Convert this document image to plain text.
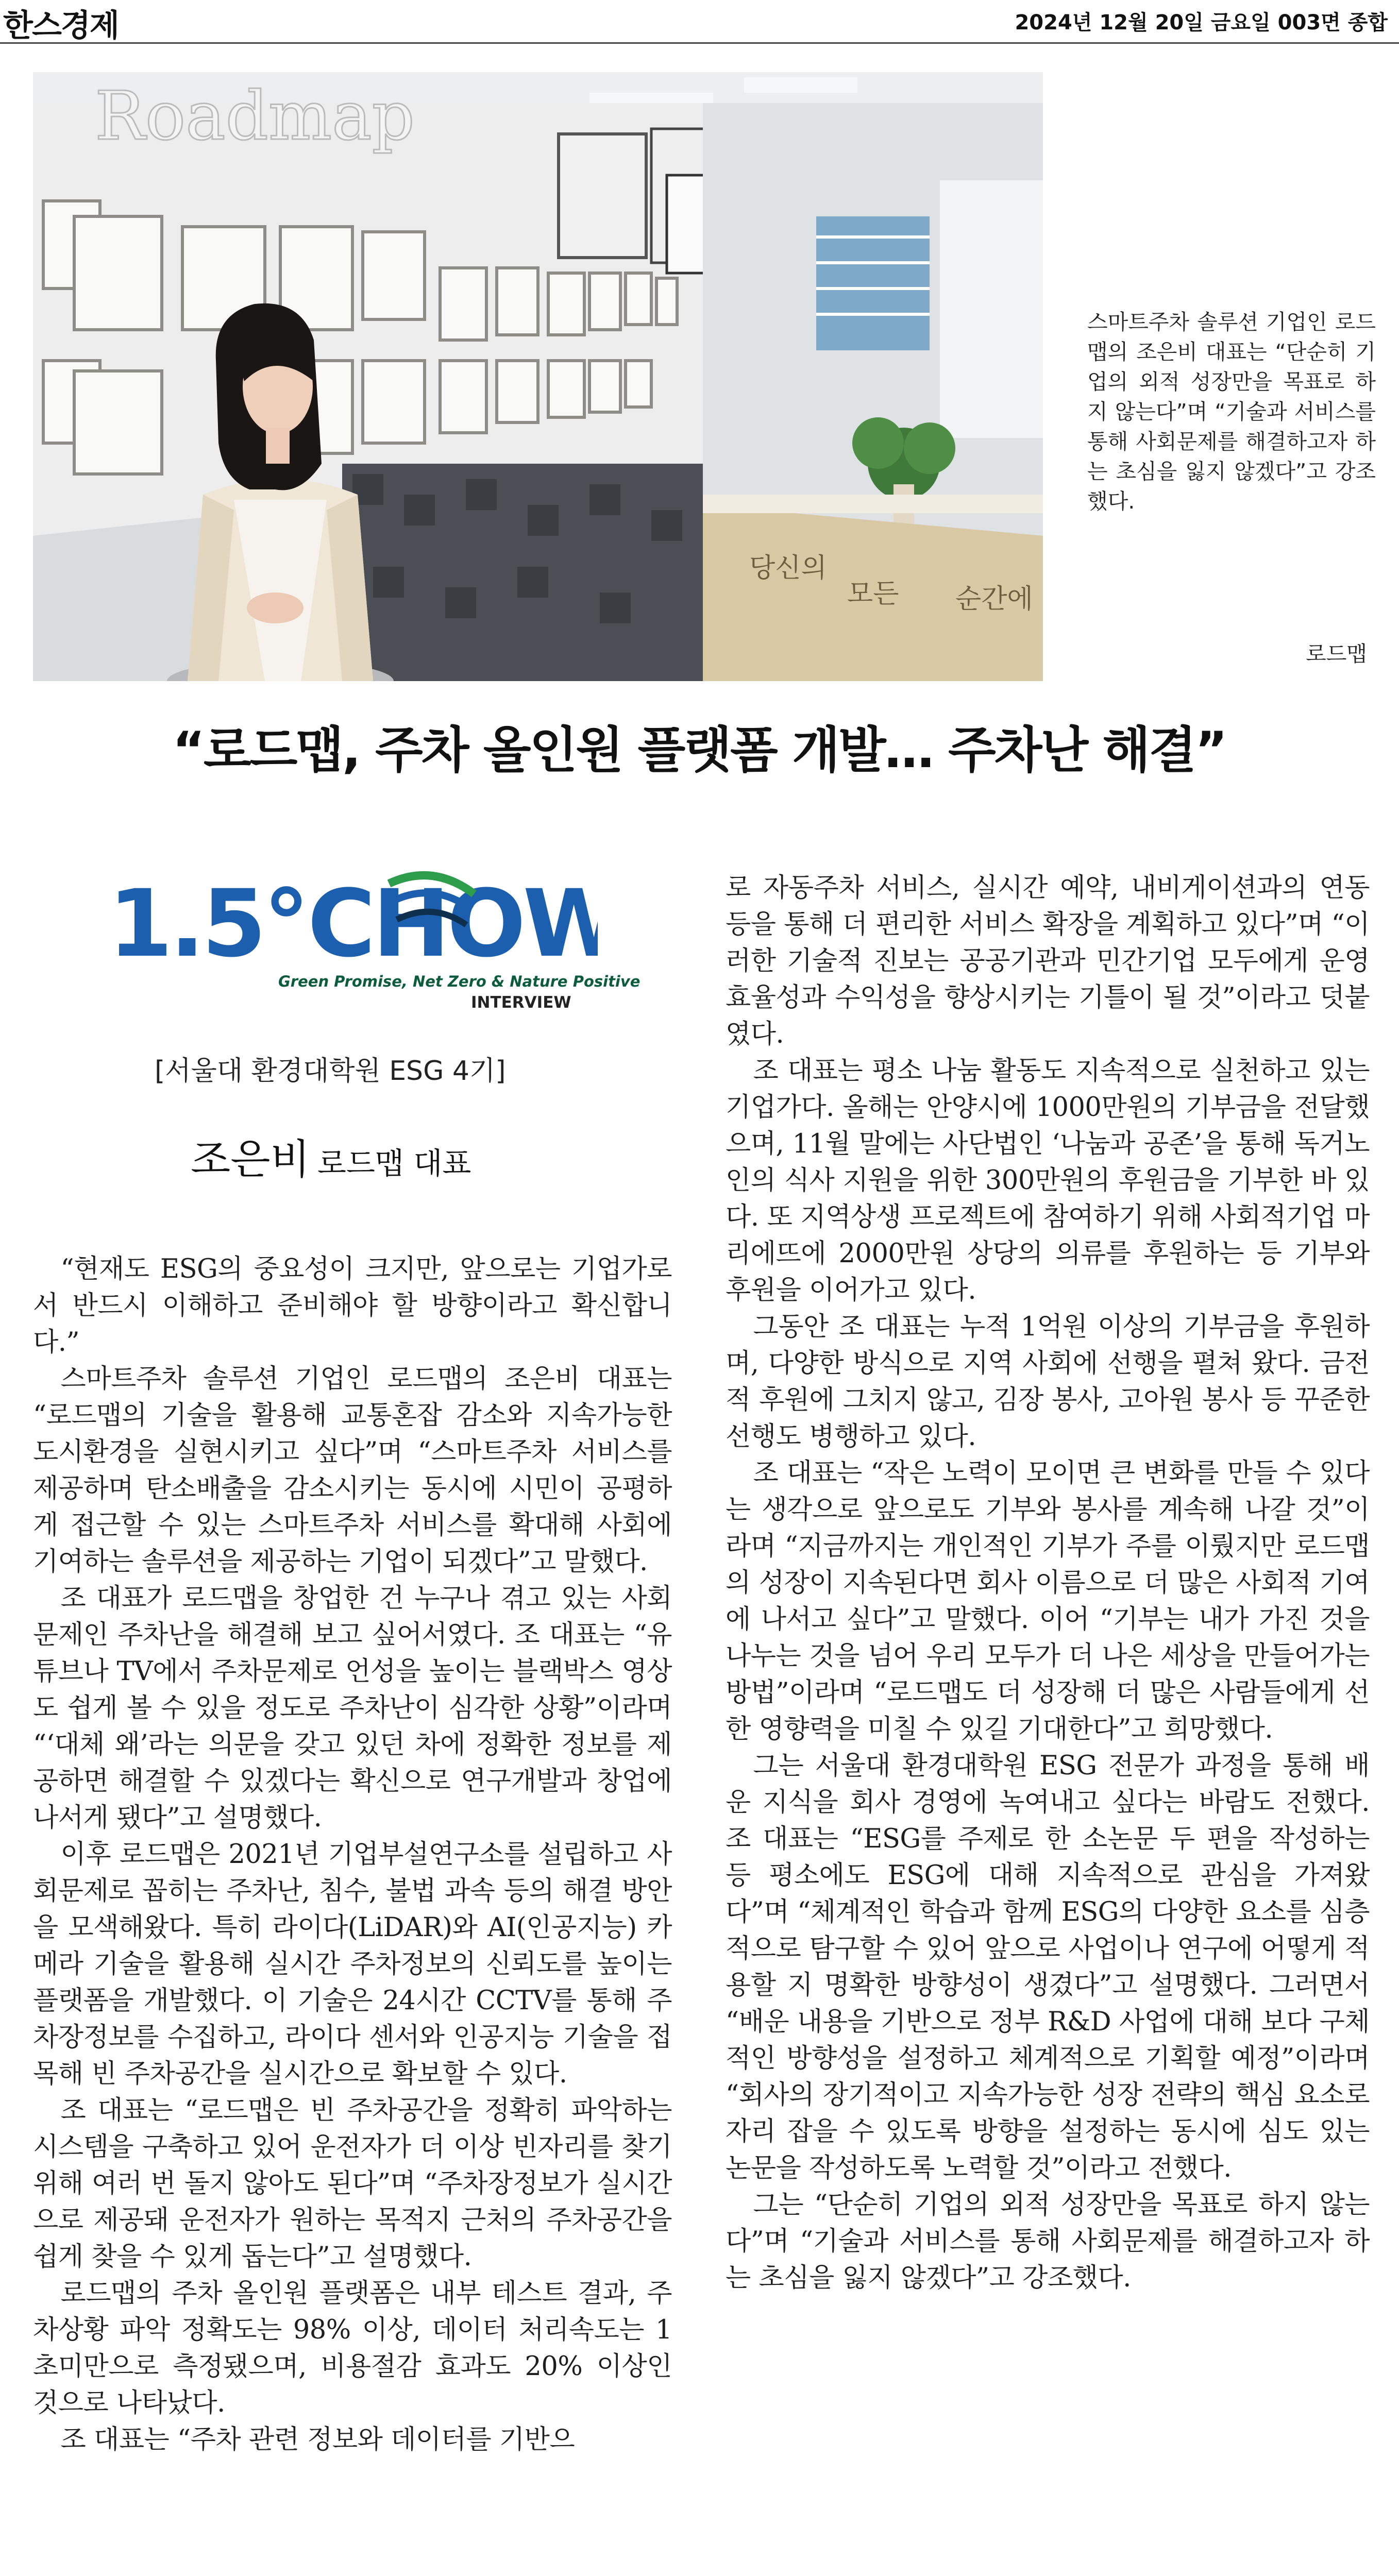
한스경제	2024년 12월 20일 금요일 003면 종합
Roadmap
당신의
모든 순간에
스마트주차 솔루션 기업인 로드맵의 조은비 대표는 “단순히 기업의 외적 성장만을 목표로 하지 않는다”며 “기술과 서비스를 통해 사회문제를 해결하고자 하는 초심을 잃지 않겠다”고 강조했다.
로드맵
“로드맵, 주차 올인원 플랫폼 개발… 주차난 해결”
1.5℃HOW
Green Promise, Net Zero & Nature Positive
INTERVIEW
[서울대 환경대학원 ESG 4기]
조은비 로드맵 대표

“현재도 ESG의 중요성이 크지만, 앞으로는 기업가로서 반드시 이해하고 준비해야 할 방향이라고 확신합니다.”

스마트주차 솔루션 기업인 로드맵의 조은비 대표는 “로드맵의 기술을 활용해 교통혼잡 감소와 지속가능한 도시환경을 실현시키고 싶다”며 “스마트주차 서비스를 제공하며 탄소배출을 감소시키는 동시에 시민이 공평하게 접근할 수 있는 스마트주차 서비스를 확대해 사회에 기여하는 솔루션을 제공하는 기업이 되겠다”고 말했다.

조 대표가 로드맵을 창업한 건 누구나 겪고 있는 사회문제인 주차난을 해결해 보고 싶어서였다. 조 대표는 “유튜브나 TV에서 주차문제로 언성을 높이는 블랙박스 영상도 쉽게 볼 수 있을 정도로 주차난이 심각한 상황”이라며 “‘대체 왜’라는 의문을 갖고 있던 차에 정확한 정보를 제공하면 해결할 수 있겠다는 확신으로 연구개발과 창업에 나서게 됐다”고 설명했다.

이후 로드맵은 2021년 기업부설연구소를 설립하고 사회문제로 꼽히는 주차난, 침수, 불법 과속 등의 해결 방안을 모색해왔다. 특히 라이다(LiDAR)와 AI(인공지능) 카메라 기술을 활용해 실시간 주차정보의 신뢰도를 높이는 플랫폼을 개발했다. 이 기술은 24시간 CCTV를 통해 주차장정보를 수집하고, 라이다 센서와 인공지능 기술을 접목해 빈 주차공간을 실시간으로 확보할 수 있다.

조 대표는 “로드맵은 빈 주차공간을 정확히 파악하는 시스템을 구축하고 있어 운전자가 더 이상 빈자리를 찾기 위해 여러 번 돌지 않아도 된다”며 “주차장정보가 실시간으로 제공돼 운전자가 원하는 목적지 근처의 주차공간을 쉽게 찾을 수 있게 돕는다”고 설명했다.

로드맵의 주차 올인원 플랫폼은 내부 테스트 결과, 주차상황 파악 정확도는 98% 이상, 데이터 처리속도는 1초미만으로 측정됐으며, 비용절감 효과도 20% 이상인 것으로 나타났다.

조 대표는 “주차 관련 정보와 데이터를 기반으

로 자동주차 서비스, 실시간 예약, 내비게이션과의 연동 등을 통해 더 편리한 서비스 확장을 계획하고 있다”며 “이러한 기술적 진보는 공공기관과 민간기업 모두에게 운영 효율성과 수익성을 향상시키는 기틀이 될 것”이라고 덧붙였다.

조 대표는 평소 나눔 활동도 지속적으로 실천하고 있는 기업가다. 올해는 안양시에 1000만원의 기부금을 전달했으며, 11월 말에는 사단법인 ‘나눔과 공존’을 통해 독거노인의 식사 지원을 위한 300만원의 후원금을 기부한 바 있다. 또 지역상생 프로젝트에 참여하기 위해 사회적기업 마리에뜨에 2000만원 상당의 의류를 후원하는 등 기부와 후원을 이어가고 있다.

그동안 조 대표는 누적 1억원 이상의 기부금을 후원하며, 다양한 방식으로 지역 사회에 선행을 펼쳐 왔다. 금전적 후원에 그치지 않고, 김장 봉사, 고아원 봉사 등 꾸준한 선행도 병행하고 있다.

조 대표는 “작은 노력이 모이면 큰 변화를 만들 수 있다는 생각으로 앞으로도 기부와 봉사를 계속해 나갈 것”이라며 “지금까지는 개인적인 기부가 주를 이뤘지만 로드맵의 성장이 지속된다면 회사 이름으로 더 많은 사회적 기여에 나서고 싶다”고 말했다. 이어 “기부는 내가 가진 것을 나누는 것을 넘어 우리 모두가 더 나은 세상을 만들어가는 방법”이라며 “로드맵도 더 성장해 더 많은 사람들에게 선한 영향력을 미칠 수 있길 기대한다”고 희망했다.

그는 서울대 환경대학원 ESG 전문가 과정을 통해 배운 지식을 회사 경영에 녹여내고 싶다는 바람도 전했다. 조 대표는 “ESG를 주제로 한 소논문 두 편을 작성하는 등 평소에도 ESG에 대해 지속적으로 관심을 가져왔다”며 “체계적인 학습과 함께 ESG의 다양한 요소를 심층적으로 탐구할 수 있어 앞으로 사업이나 연구에 어떻게 적용할 지 명확한 방향성이 생겼다”고 설명했다. 그러면서 “배운 내용을 기반으로 정부 R&D 사업에 대해 보다 구체적인 방향성을 설정하고 체계적으로 기획할 예정”이라며 “회사의 장기적이고 지속가능한 성장 전략의 핵심 요소로 자리 잡을 수 있도록 방향을 설정하는 동시에 심도 있는 논문을 작성하도록 노력할 것”이라고 전했다.

그는 “단순히 기업의 외적 성장만을 목표로 하지 않는다”며 “기술과 서비스를 통해 사회문제를 해결하고자 하는 초심을 잃지 않겠다”고 강조했다.
